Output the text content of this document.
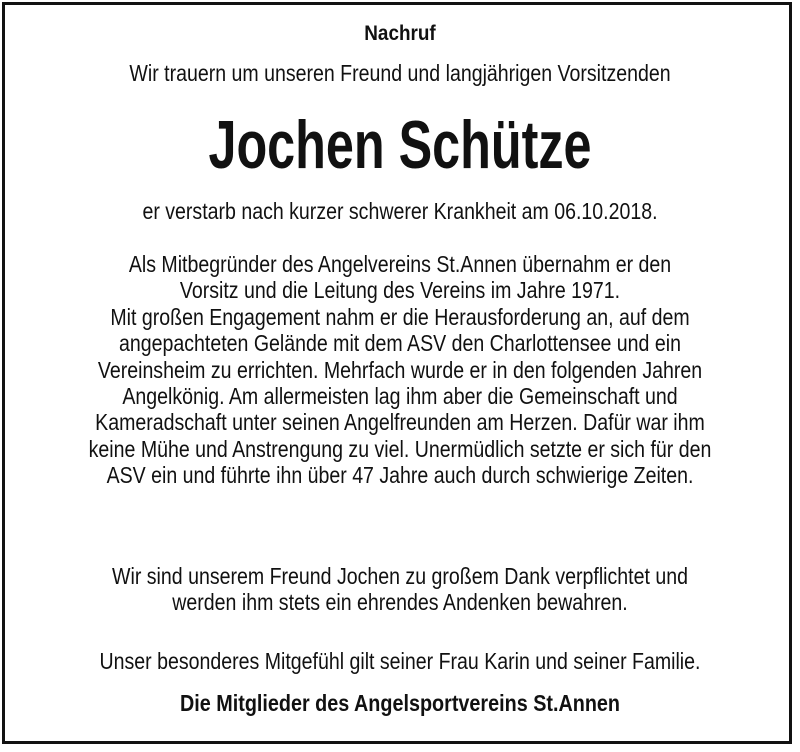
Nachruf
Wir trauern um unseren Freund und langjährigen Vorsitzenden
Jochen Schütze
er verstarb nach kurzer schwerer Krankheit am 06.10.2018.
Als Mitbegründer des Angelvereins St.Annen übernahm er den
Vorsitz und die Leitung des Vereins im Jahre 1971.
Mit großen Engagement nahm er die Herausforderung an, auf dem
angepachteten Gelände mit dem ASV den Charlottensee und ein
Vereinsheim zu errichten. Mehrfach wurde er in den folgenden Jahren
Angelkönig. Am allermeisten lag ihm aber die Gemeinschaft und
Kameradschaft unter seinen Angelfreunden am Herzen. Dafür war ihm
keine Mühe und Anstrengung zu viel. Unermüdlich setzte er sich für den
ASV ein und führte ihn über 47 Jahre auch durch schwierige Zeiten.
Wir sind unserem Freund Jochen zu großem Dank verpflichtet und
werden ihm stets ein ehrendes Andenken bewahren.
Unser besonderes Mitgefühl gilt seiner Frau Karin und seiner Familie.
Die Mitglieder des Angelsportvereins St.Annen
